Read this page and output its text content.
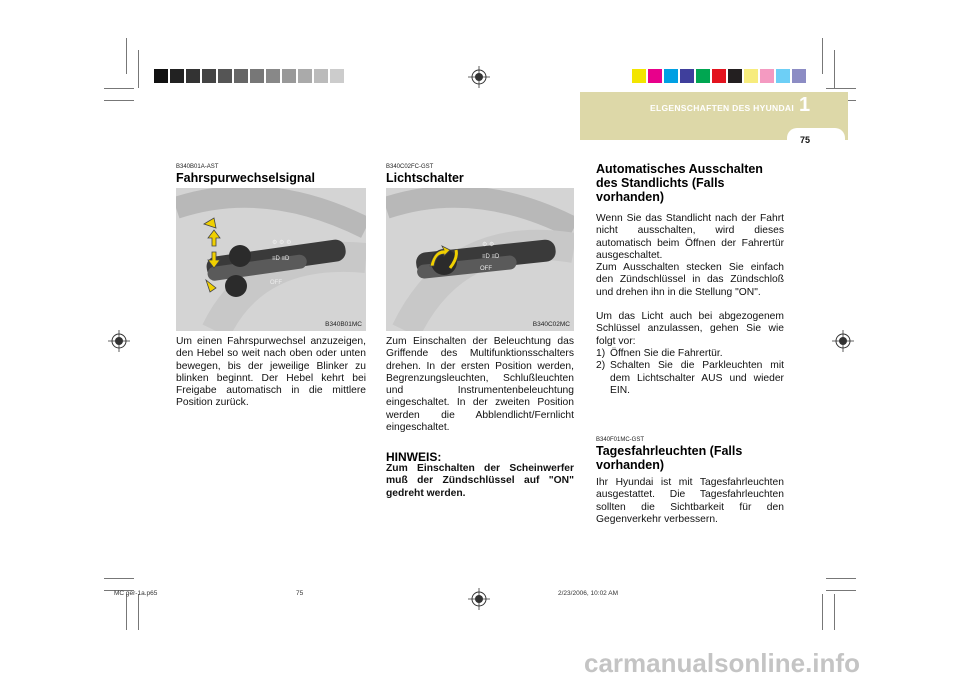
ELGENSCHAFTEN DES HYUNDAI 1
75
B340B01A-AST
Fahrspurwechselsignal
⚙ ⚙ ⚙
≡D ≡D
OFF
B340B01MC
Um einen Fahrspurwechsel anzuzeigen, den Hebel so weit nach oben oder unten bewegen, bis der jeweilige Blinker zu blinken beginnt. Der Hebel kehrt bei Freigabe automatisch in die mittlere Position zurück.
B340C02FC-GST
Lichtschalter
⚙ ⚙
≡D ≡D
OFF
B340C02MC
Zum Einschalten der Beleuchtung das Griffende des Multifunktionsschalters drehen. In der ersten Position werden, Begrenzungsleuchten, Schlußleuchten und Instrumentenbeleuchtung eingeschaltet. In der zweiten Position werden die Abblendlicht/Fernlicht eingeschaltet.
HINWEIS:
Zum Einschalten der Scheinwerfer muß der Zündschlüssel auf "ON" gedreht werden.
Automatisches Ausschalten des Standlichts (Falls vorhanden)
Wenn Sie das Standlicht nach der Fahrt nicht ausschalten, wird dieses automatisch beim Öffnen der Fahrertür ausgeschaltet.
Zum Ausschalten stecken Sie einfach den Zündschlüssel in das Zündschloß und drehen ihn in die Stellung "ON".
Um das Licht auch bei abgezogenem Schlüssel anzulassen, gehen Sie wie folgt vor:
1) Öffnen Sie die Fahrertür.
2) Schalten Sie die Parkleuchten mit dem Lichtschalter AUS und wieder EIN.
B340F01MC-GST
Tagesfahrleuchten (Falls vorhanden)
Ihr Hyundai ist mit Tagesfahrleuchten ausgestattet. Die Tagesfahrleuchten sollten die Sichtbarkeit für den Gegenverkehr verbessern.
MC ger-1a.p65	75	2/23/2006, 10:02 AM
carmanualsonline.info
